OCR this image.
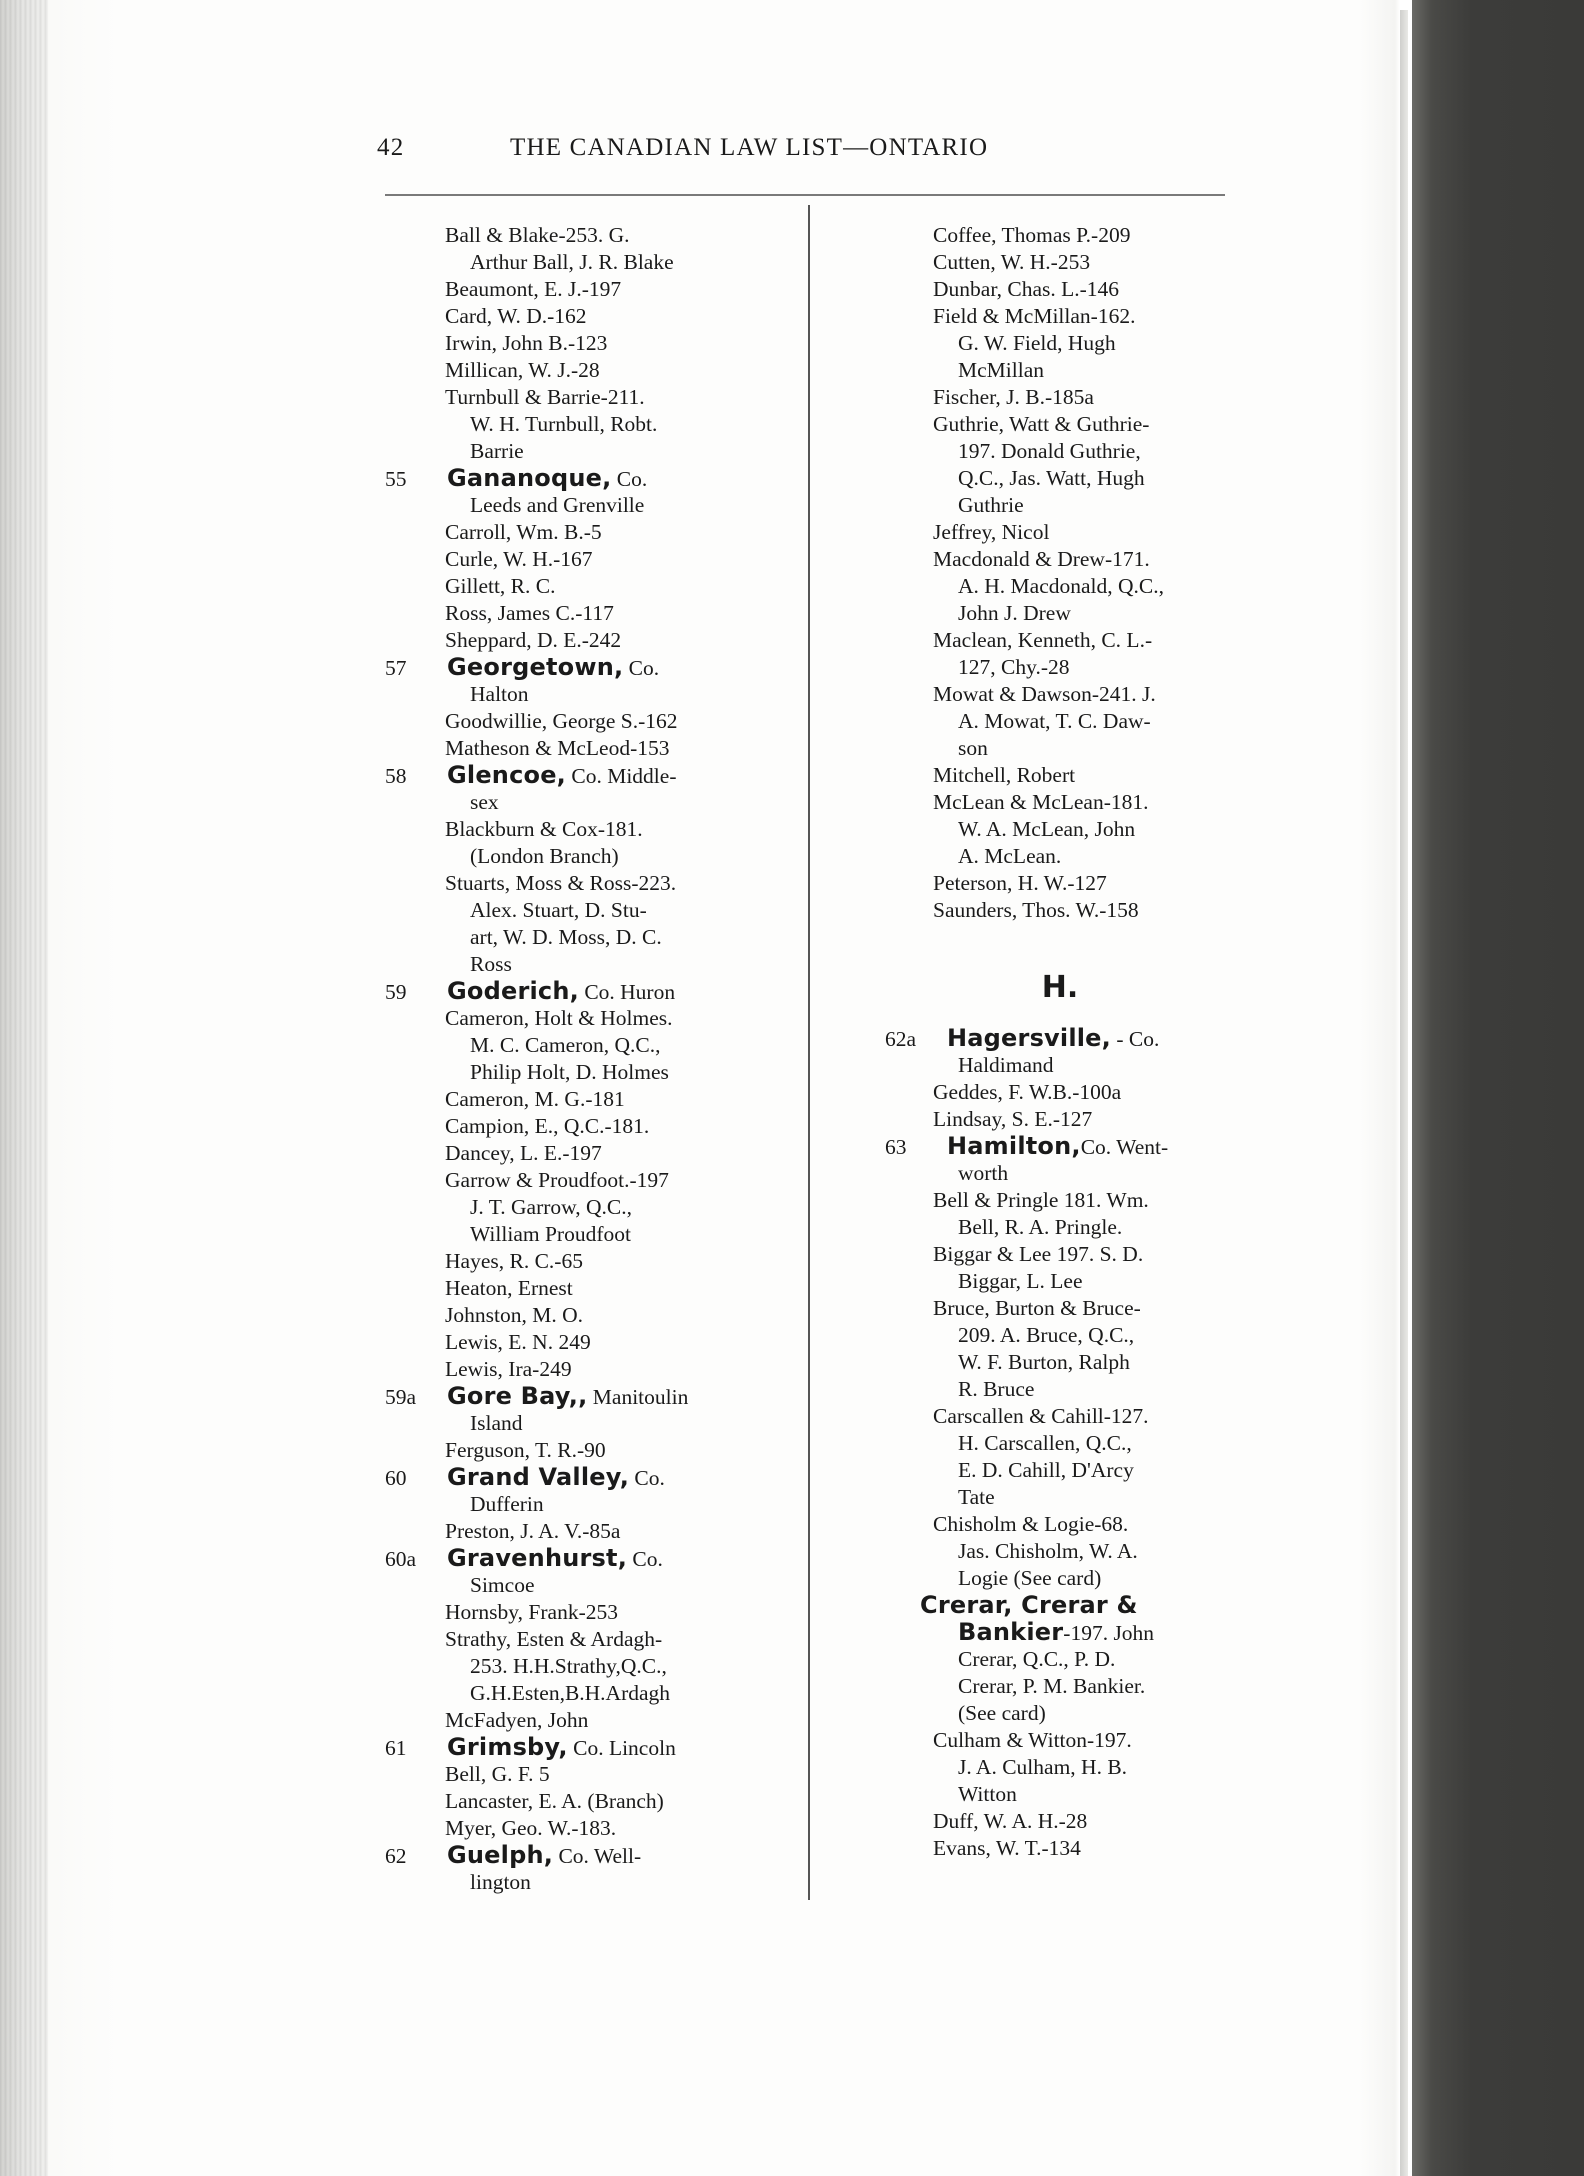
42	THE CANADIAN LAW LIST—ONTARIO
Ball & Blake-253. G.
Arthur Ball, J. R. Blake
Beaumont, E. J.-197
Card, W. D.-162
Irwin, John B.-123
Millican, W. J.-28
Turnbull & Barrie-211.
W. H. Turnbull, Robt.
Barrie
55 Gananoque, Co.
Leeds and Grenville
Carroll, Wm. B.-5
Curle, W. H.-167
Gillett, R. C.
Ross, James C.-117
Sheppard, D. E.-242
57 Georgetown, Co.
Halton
Goodwillie, George S.-162
Matheson & McLeod-153
58 Glencoe, Co. Middle-
sex
Blackburn & Cox-181.
(London Branch)
Stuarts, Moss & Ross-223.
Alex. Stuart, D. Stu-
art, W. D. Moss, D. C.
Ross
59 Goderich, Co. Huron
Cameron, Holt & Holmes.
M. C. Cameron, Q.C.,
Philip Holt, D. Holmes
Cameron, M. G.-181
Campion, E., Q.C.-181.
Dancey, L. E.-197
Garrow & Proudfoot.-197
J. T. Garrow, Q.C.,
William Proudfoot
Hayes, R. C.-65
Heaton, Ernest
Johnston, M. O.
Lewis, E. N. 249
Lewis, Ira-249
59a Gore Bay,, Manitoulin
Island
Ferguson, T. R.-90
60 Grand Valley, Co.
Dufferin
Preston, J. A. V.-85a
60a Gravenhurst, Co.
Simcoe
Hornsby, Frank-253
Strathy, Esten & Ardagh-
253. H.H.Strathy,Q.C.,
G.H.Esten,B.H.Ardagh
McFadyen, John
61 Grimsby, Co. Lincoln
Bell, G. F. 5
Lancaster, E. A. (Branch)
Myer, Geo. W.-183.
62 Guelph, Co. Well-
lington
Coffee, Thomas P.-209
Cutten, W. H.-253
Dunbar, Chas. L.-146
Field & McMillan-162.
G. W. Field, Hugh
McMillan
Fischer, J. B.-185a
Guthrie, Watt & Guthrie-
197. Donald Guthrie,
Q.C., Jas. Watt, Hugh
Guthrie
Jeffrey, Nicol
Macdonald & Drew-171.
A. H. Macdonald, Q.C.,
John J. Drew
Maclean, Kenneth, C. L.-
127, Chy.-28
Mowat & Dawson-241. J.
A. Mowat, T. C. Daw-
son
Mitchell, Robert
McLean & McLean-181.
W. A. McLean, John
A. McLean.
Peterson, H. W.-127
Saunders, Thos. W.-158
H.
62a Hagersville, - Co.
Haldimand
Geddes, F. W.B.-100a
Lindsay, S. E.-127
63 Hamilton,Co. Went-
worth
Bell & Pringle 181. Wm.
Bell, R. A. Pringle.
Biggar & Lee 197. S. D.
Biggar, L. Lee
Bruce, Burton & Bruce-
209. A. Bruce, Q.C.,
W. F. Burton, Ralph
R. Bruce
Carscallen & Cahill-127.
H. Carscallen, Q.C.,
E. D. Cahill, D'Arcy
Tate
Chisholm & Logie-68.
Jas. Chisholm, W. A.
Logie (See card)
Crerar, Crerar &
Bankier-197. John
Crerar, Q.C., P. D.
Crerar, P. M. Bankier.
(See card)
Culham & Witton-197.
J. A. Culham, H. B.
Witton
Duff, W. A. H.-28
Evans, W. T.-134
